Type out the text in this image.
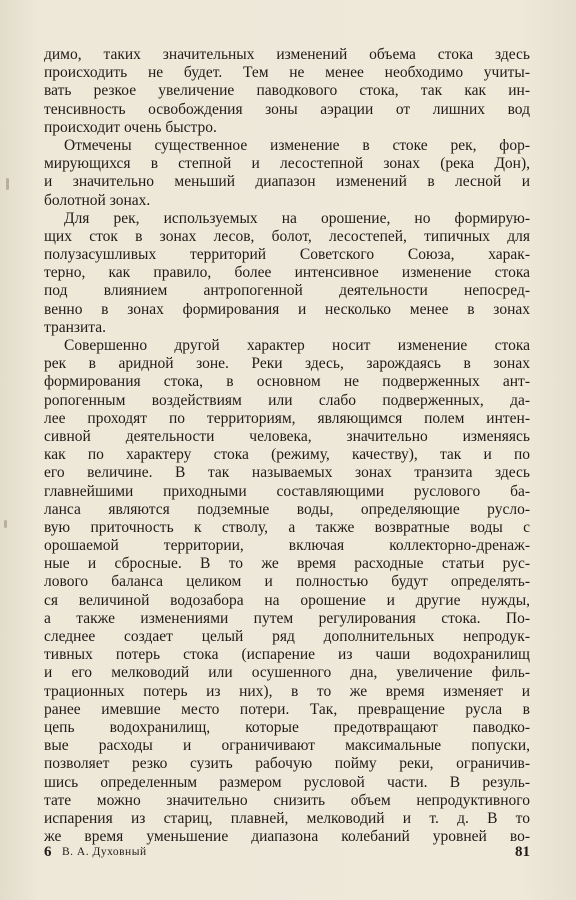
димо, таких значительных изменений объема стока здесь
происходить не будет. Тем не менее необходимо учиты-
вать резкое увеличение паводкового стока, так как ин-
тенсивность освобождения зоны аэрации от лишних вод
происходит очень быстро.
Отмечены существенное изменение в стоке рек, фор-
мирующихся в степной и лесостепной зонах (река Дон),
и значительно меньший диапазон изменений в лесной и
болотной зонах.
Для рек, используемых на орошение, но формирую-
щих сток в зонах лесов, болот, лесостепей, типичных для
полузасушливых территорий Советского Союза, харак-
терно, как правило, более интенсивное изменение стока
под влиянием антропогенной деятельности непосред-
венно в зонах формирования и несколько менее в зонах
транзита.
Совершенно другой характер носит изменение стока
рек в аридной зоне. Реки здесь, зарождаясь в зонах
формирования стока, в основном не подверженных ант-
ропогенным воздействиям или слабо подверженных, да-
лее проходят по территориям, являющимся полем интен-
сивной деятельности человека, значительно изменяясь
как по характеру стока (режиму, качеству), так и по
его величине. В так называемых зонах транзита здесь
главнейшими приходными составляющими руслового ба-
ланса являются подземные воды, определяющие русло-
вую приточность к стволу, а также возвратные воды с
орошаемой территории, включая коллекторно-дренаж-
ные и сбросные. В то же время расходные статьи рус-
лового баланса целиком и полностью будут определять-
ся величиной водозабора на орошение и другие нужды,
а также изменениями путем регулирования стока. По-
следнее создает целый ряд дополнительных непродук-
тивных потерь стока (испарение из чаши водохранилищ
и его мелководий или осушенного дна, увеличение филь-
трационных потерь из них), в то же время изменяет и
ранее имевшие место потери. Так, превращение русла в
цепь водохранилищ, которые предотвращают паводко-
вые расходы и ограничивают максимальные попуски,
позволяет резко сузить рабочую пойму реки, ограничив-
шись определенным размером русловой части. В резуль-
тате можно значительно снизить объем непродуктивного
испарения из стариц, плавней, мелководий и т. д. В то
же время уменьшение диапазона колебаний уровней во-
6 В. А. Духовный	81
